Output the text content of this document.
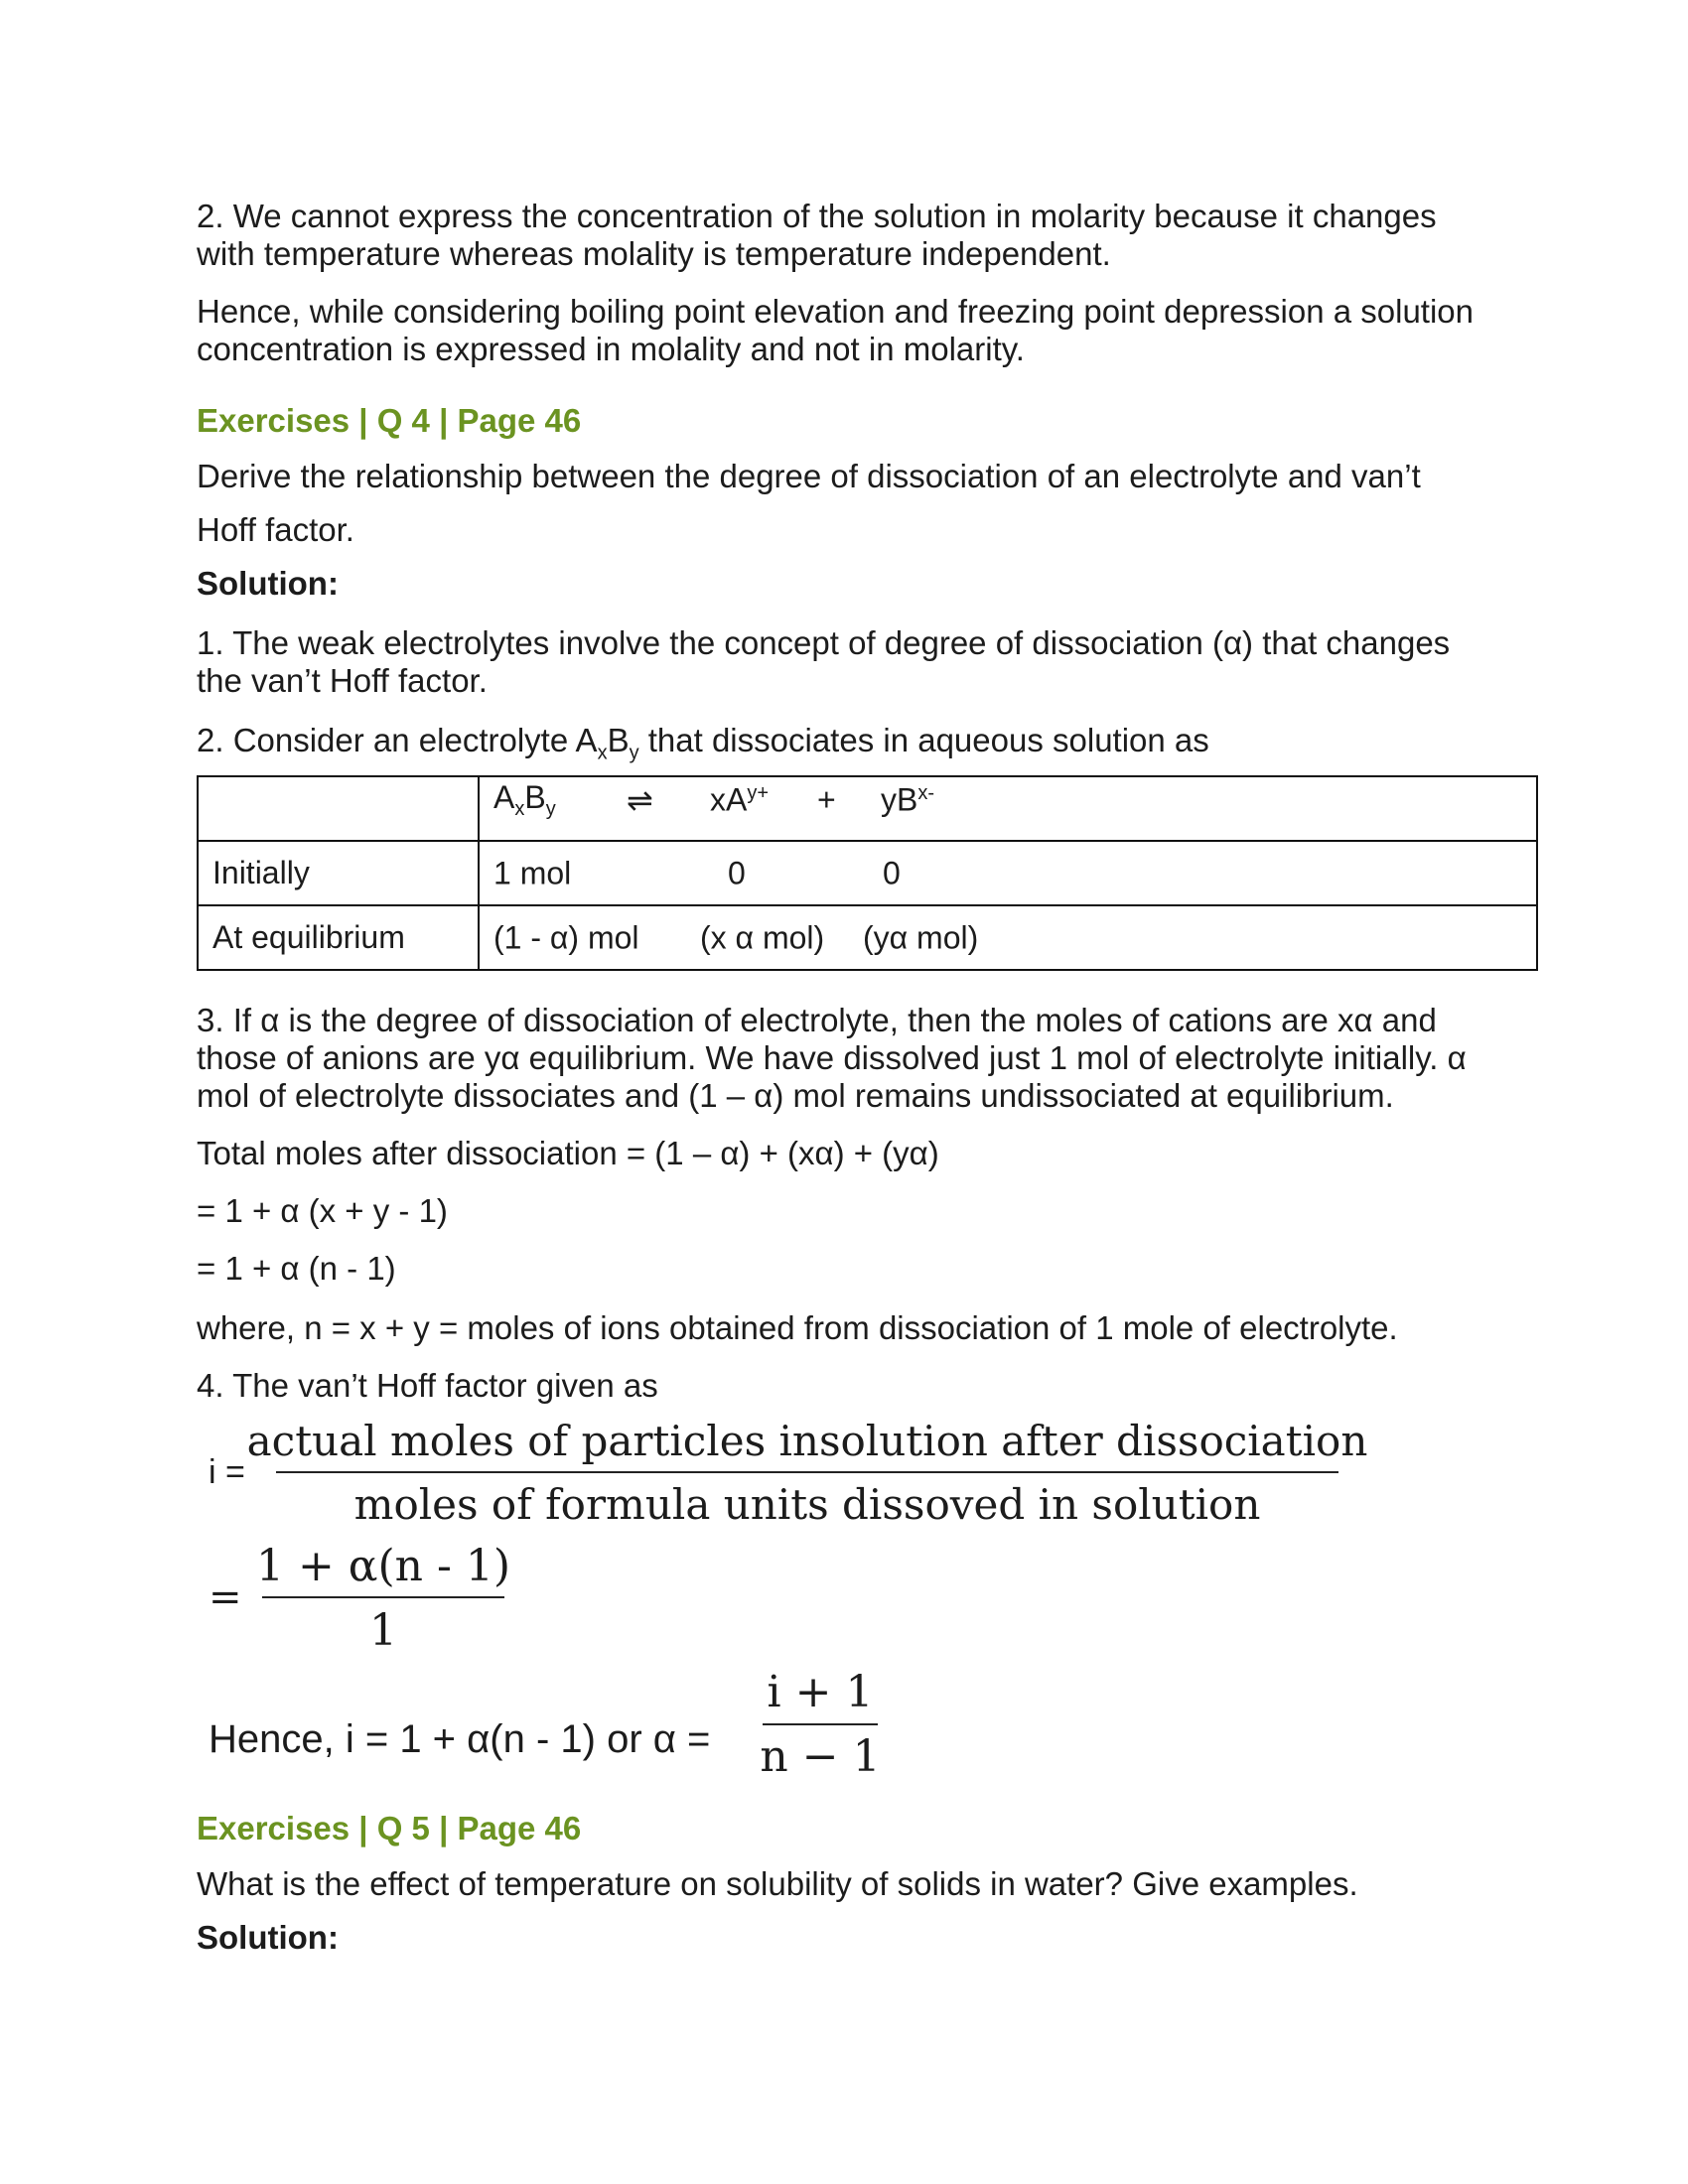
2. We cannot express the concentration of the solution in molarity because it changes

with temperature whereas molality is temperature independent.

Hence, while considering boiling point elevation and freezing point depression a solution

concentration is expressed in molality and not in molarity.

Exercises | Q 4 | Page 46

Derive the relationship between the degree of dissociation of an electrolyte and van’t

Hoff factor.

Solution:

1. The weak electrolytes involve the concept of degree of dissociation (α) that changes

the van’t Hoff factor.

2. Consider an electrolyte $A_xB_y$ that dissociates in aqueous solution as

	$A_xB_y$ ⇌ $xA^{y+} + yB^{x-}$

Initially	1 mol 0 0

At equilibrium	(1 - α) mol (x α mol) (yα mol)

3. If α is the degree of dissociation of electrolyte, then the moles of cations are xα and

those of anions are yα equilibrium. We have dissolved just 1 mol of electrolyte initially. α

mol of electrolyte dissociates and (1 – α) mol remains undissociated at equilibrium.

Total moles after dissociation = (1 – α) + (xα) + (yα)

= 1 + α (x + y - 1)

= 1 + α (n - 1)

where, n = x + y = moles of ions obtained from dissociation of 1 mole of electrolyte.

4. The van’t Hoff factor given as

i =

actual moles of particles insolution after dissociation
moles of formula units dissoved in solution

=

1 + α(n - 1)
1

Hence, i = 1 + α(n - 1) or α =

i + 1
n − 1

Exercises | Q 5 | Page 46

What is the effect of temperature on solubility of solids in water? Give examples.

Solution:
